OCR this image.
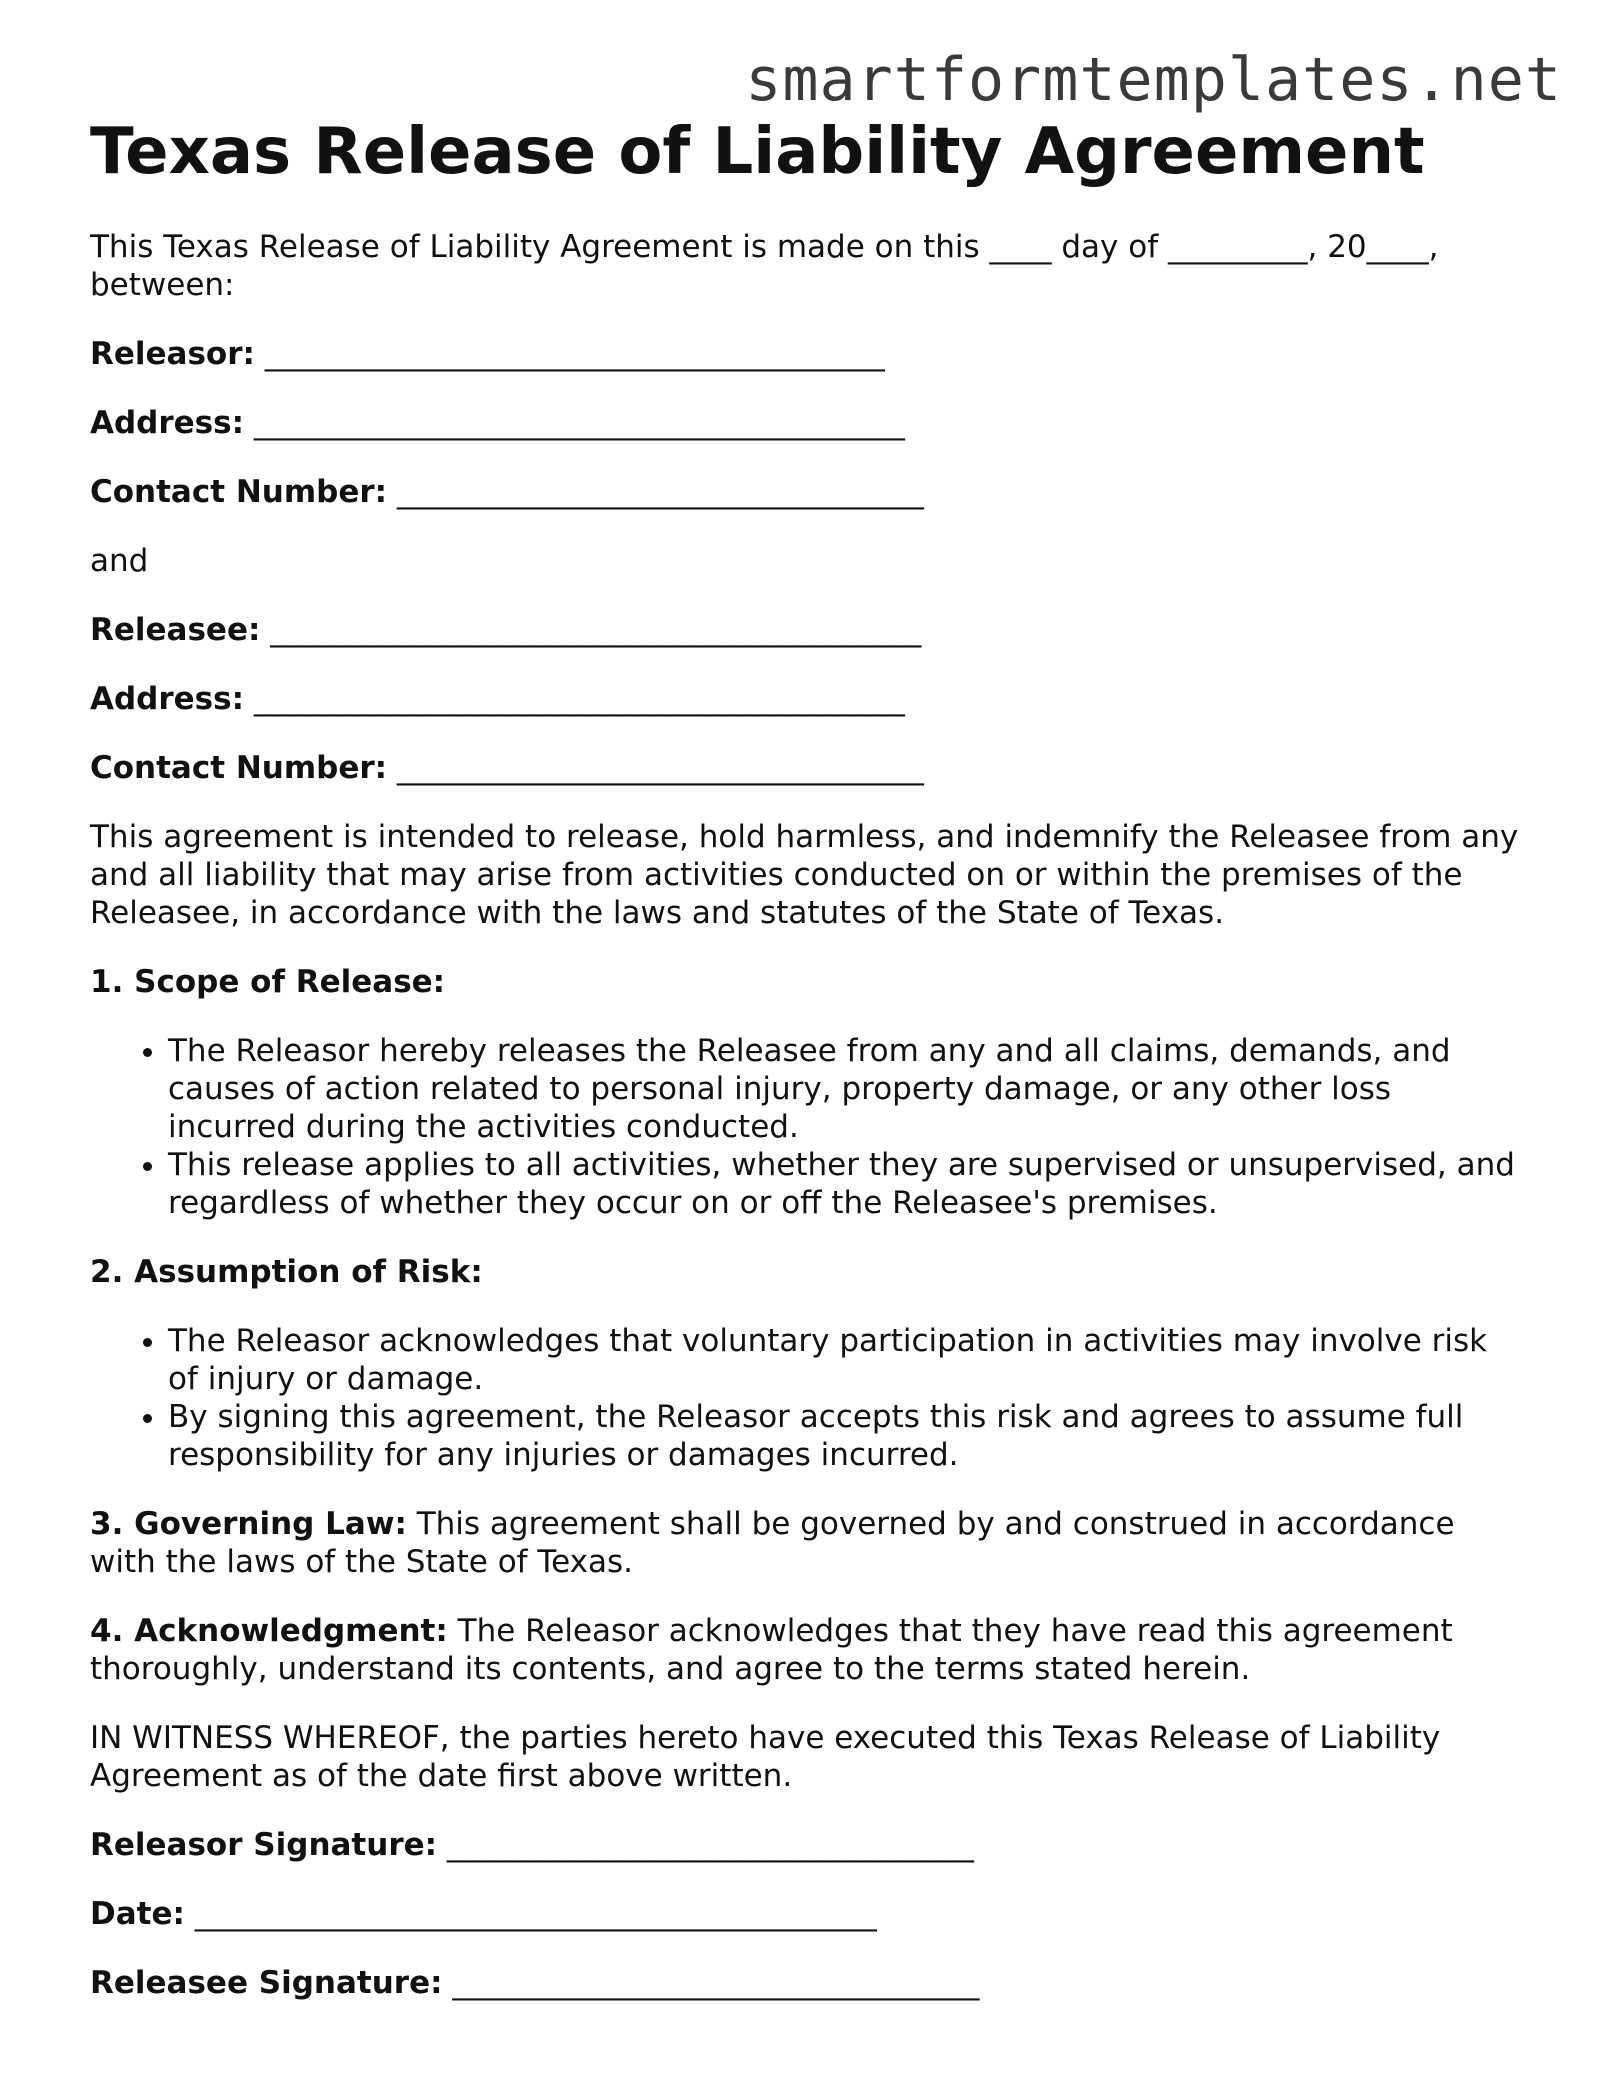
smartformtemplates.net
Texas Release of Liability Agreement

This Texas Release of Liability Agreement is made on this ____ day of _________, 20____, between:

Releasor: ________________________________________
Address: __________________________________________
Contact Number: __________________________________

and

Releasee: __________________________________________
Address: __________________________________________
Contact Number: __________________________________

This agreement is intended to release, hold harmless, and indemnify the Releasee from any and all liability that may arise from activities conducted on or within the premises of the Releasee, in accordance with the laws and statutes of the State of Texas.

1. Scope of Release:
• The Releasor hereby releases the Releasee from any and all claims, demands, and causes of action related to personal injury, property damage, or any other loss incurred during the activities conducted.
• This release applies to all activities, whether they are supervised or unsupervised, and regardless of whether they occur on or off the Releasee's premises.
2. Assumption of Risk:
• The Releasor acknowledges that voluntary participation in activities may involve risk of injury or damage.
• By signing this agreement, the Releasor accepts this risk and agrees to assume full responsibility for any injuries or damages incurred.

3. Governing Law: This agreement shall be governed by and construed in accordance with the laws of the State of Texas.

4. Acknowledgment: The Releasor acknowledges that they have read this agreement thoroughly, understand its contents, and agree to the terms stated herein.

IN WITNESS WHEREOF, the parties hereto have executed this Texas Release of Liability Agreement as of the date first above written.

Releasor Signature: __________________________________
Date: ____________________________________________
Releasee Signature: __________________________________
